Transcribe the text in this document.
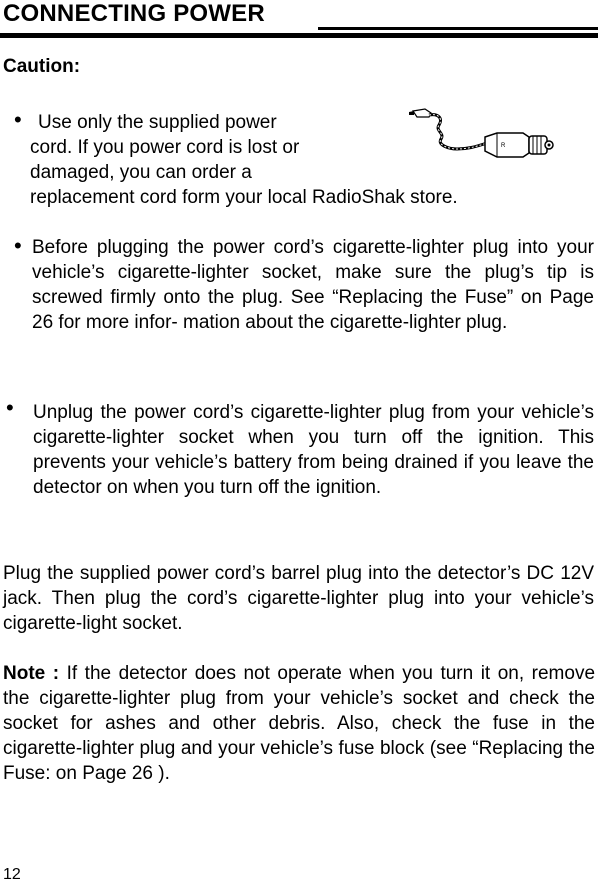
CONNECTING POWER
Caution:
• Use only the supplied power
cord. If you power cord is lost or
damaged, you can order a
replacement cord form your local RadioShak store.
R
• Before plugging the power cord’s cigarette-lighter plug into your vehicle’s cigarette-lighter socket, make sure the plug’s tip is screwed firmly onto the plug. See “Replacing the Fuse” on Page 26 for more infor- mation about the cigarette-lighter plug.
• Unplug the power cord’s cigarette-lighter plug from your vehicle’s cigarette-lighter socket when you turn off the ignition. This prevents your vehicle’s battery from being drained if you leave the detector on when you turn off the ignition.
Plug the supplied power cord’s barrel plug into the detector’s DC 12V jack. Then plug the cord’s cigarette-lighter plug into your vehicle’s cigarette-light socket.
Note : If the detector does not operate when you turn it on, remove the cigarette-lighter plug from your vehicle’s socket and check the socket for ashes and other debris. Also, check the fuse in the cigarette-lighter plug and your vehicle’s fuse block (see “Replacing the Fuse: on Page 26 ).
12
